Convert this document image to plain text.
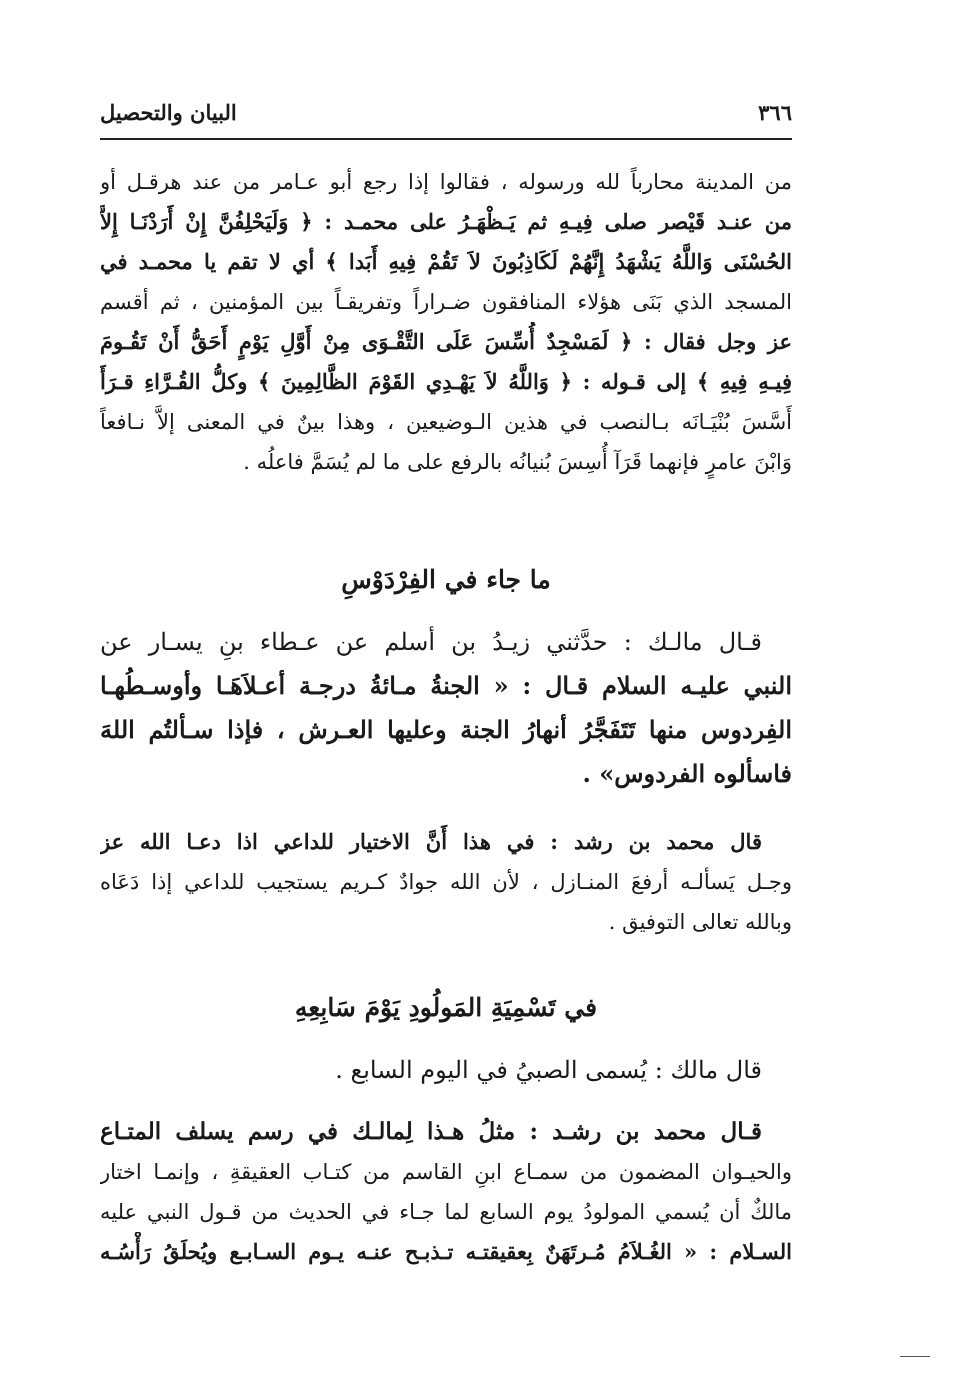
٣٦٦
البيان والتحصيل
من المدينة محارباً لله ورسوله ، فقالوا إذا رجع أبو عـامر من عند هرقـل أو
من عنـد قَيْصر صلى فِيـهِ ثم يَـظْهَـرُ على محمـد : ﴿ وَلَيَحْلِفُنَّ إِنْ أَرَدْنَـا إِلاَّ
الحُسْنَى وَاللَّهُ يَشْهَدُ إِنَّهُمْ لَكَاذِبُونَ لاَ تَقُمْ فِيهِ أَبَدا ﴾ أي لا تقم يا محمـد في
المسجد الذي بَنَى هؤلاء المنافقون ضـراراً وتفريقـاً بين المؤمنين ، ثم أقسم
عز وجل فقال : ﴿ لَمَسْجِدٌ أُسِّسَ عَلَى التَّقْـوَى مِنْ أَوَّلِ يَوْمٍ أَحَقُّ أَنْ تَقُـومَ
فِيـهِ فِيهِ ﴾ إلى قـوله : ﴿ وَاللَّهُ لاَ يَهْـدِي القَوْمَ الظَّالِمِينَ ﴾ وكلُّ القُـرَّاءِ قـرَأَ
أَسَّسَ بُنْيَـانَه بـالنصب في هذين الـوضيعين ، وهذا بينٌ في المعنى إلاَّ نـافعاً
وَابْنَ عامرٍ فإنهما قَرَآ أُسِسَ بُنيانُه بالرفع على ما لم يُسَمَّ فاعلُه .
ما جاء في الفِرْدَوْسِ
قـال مالـك : حدَّثني زيـدُ بن أسلم عن عـطاء بنِ يسـار عن
النبي عليـه السلام قـال : « الجنةُ مـائةُ درجـة أعـلاَهَـا وأوسـطُهـا
الفِردوس منها تَتَفَجَّرُ أنهارُ الجنة وعليها العـرش ، فإذا سـألتُم اللهَ
فاسألوه الفردوس» .
قال محمد بن رشد : في هذا أَنَّ الاختيار للداعي اذا دعـا الله عز
وجـل يَسألـه أرفعَ المنـازل ، لأن الله جوادٌ كـريم يستجيب للداعي إذا دَعَاه
وبالله تعالى التوفيق .
في تَسْمِيَةِ المَولُودِ يَوْمَ سَابِعِهِ
قال مالك : يُسمى الصبيُ في اليوم السابع .
قـال محمد بن رشـد : مثلُ هـذا لِمالـك في رسم يسلف المتـاع
والحيـوان المضمون من سمـاع ابنِ القاسم من كتـاب العقيقةِ ، وإنمـا اختار
مالكٌ أن يُسمي المولودُ يوم السابع لما جـاء في الحديث من قـول النبي عليه
السـلام : « الغُـلاَمُ مُـرتَهَنٌ بِعقيقتـه تـذبـح عنـه يـوم السـابـع ويُحلَقُ رَأْسُـه
